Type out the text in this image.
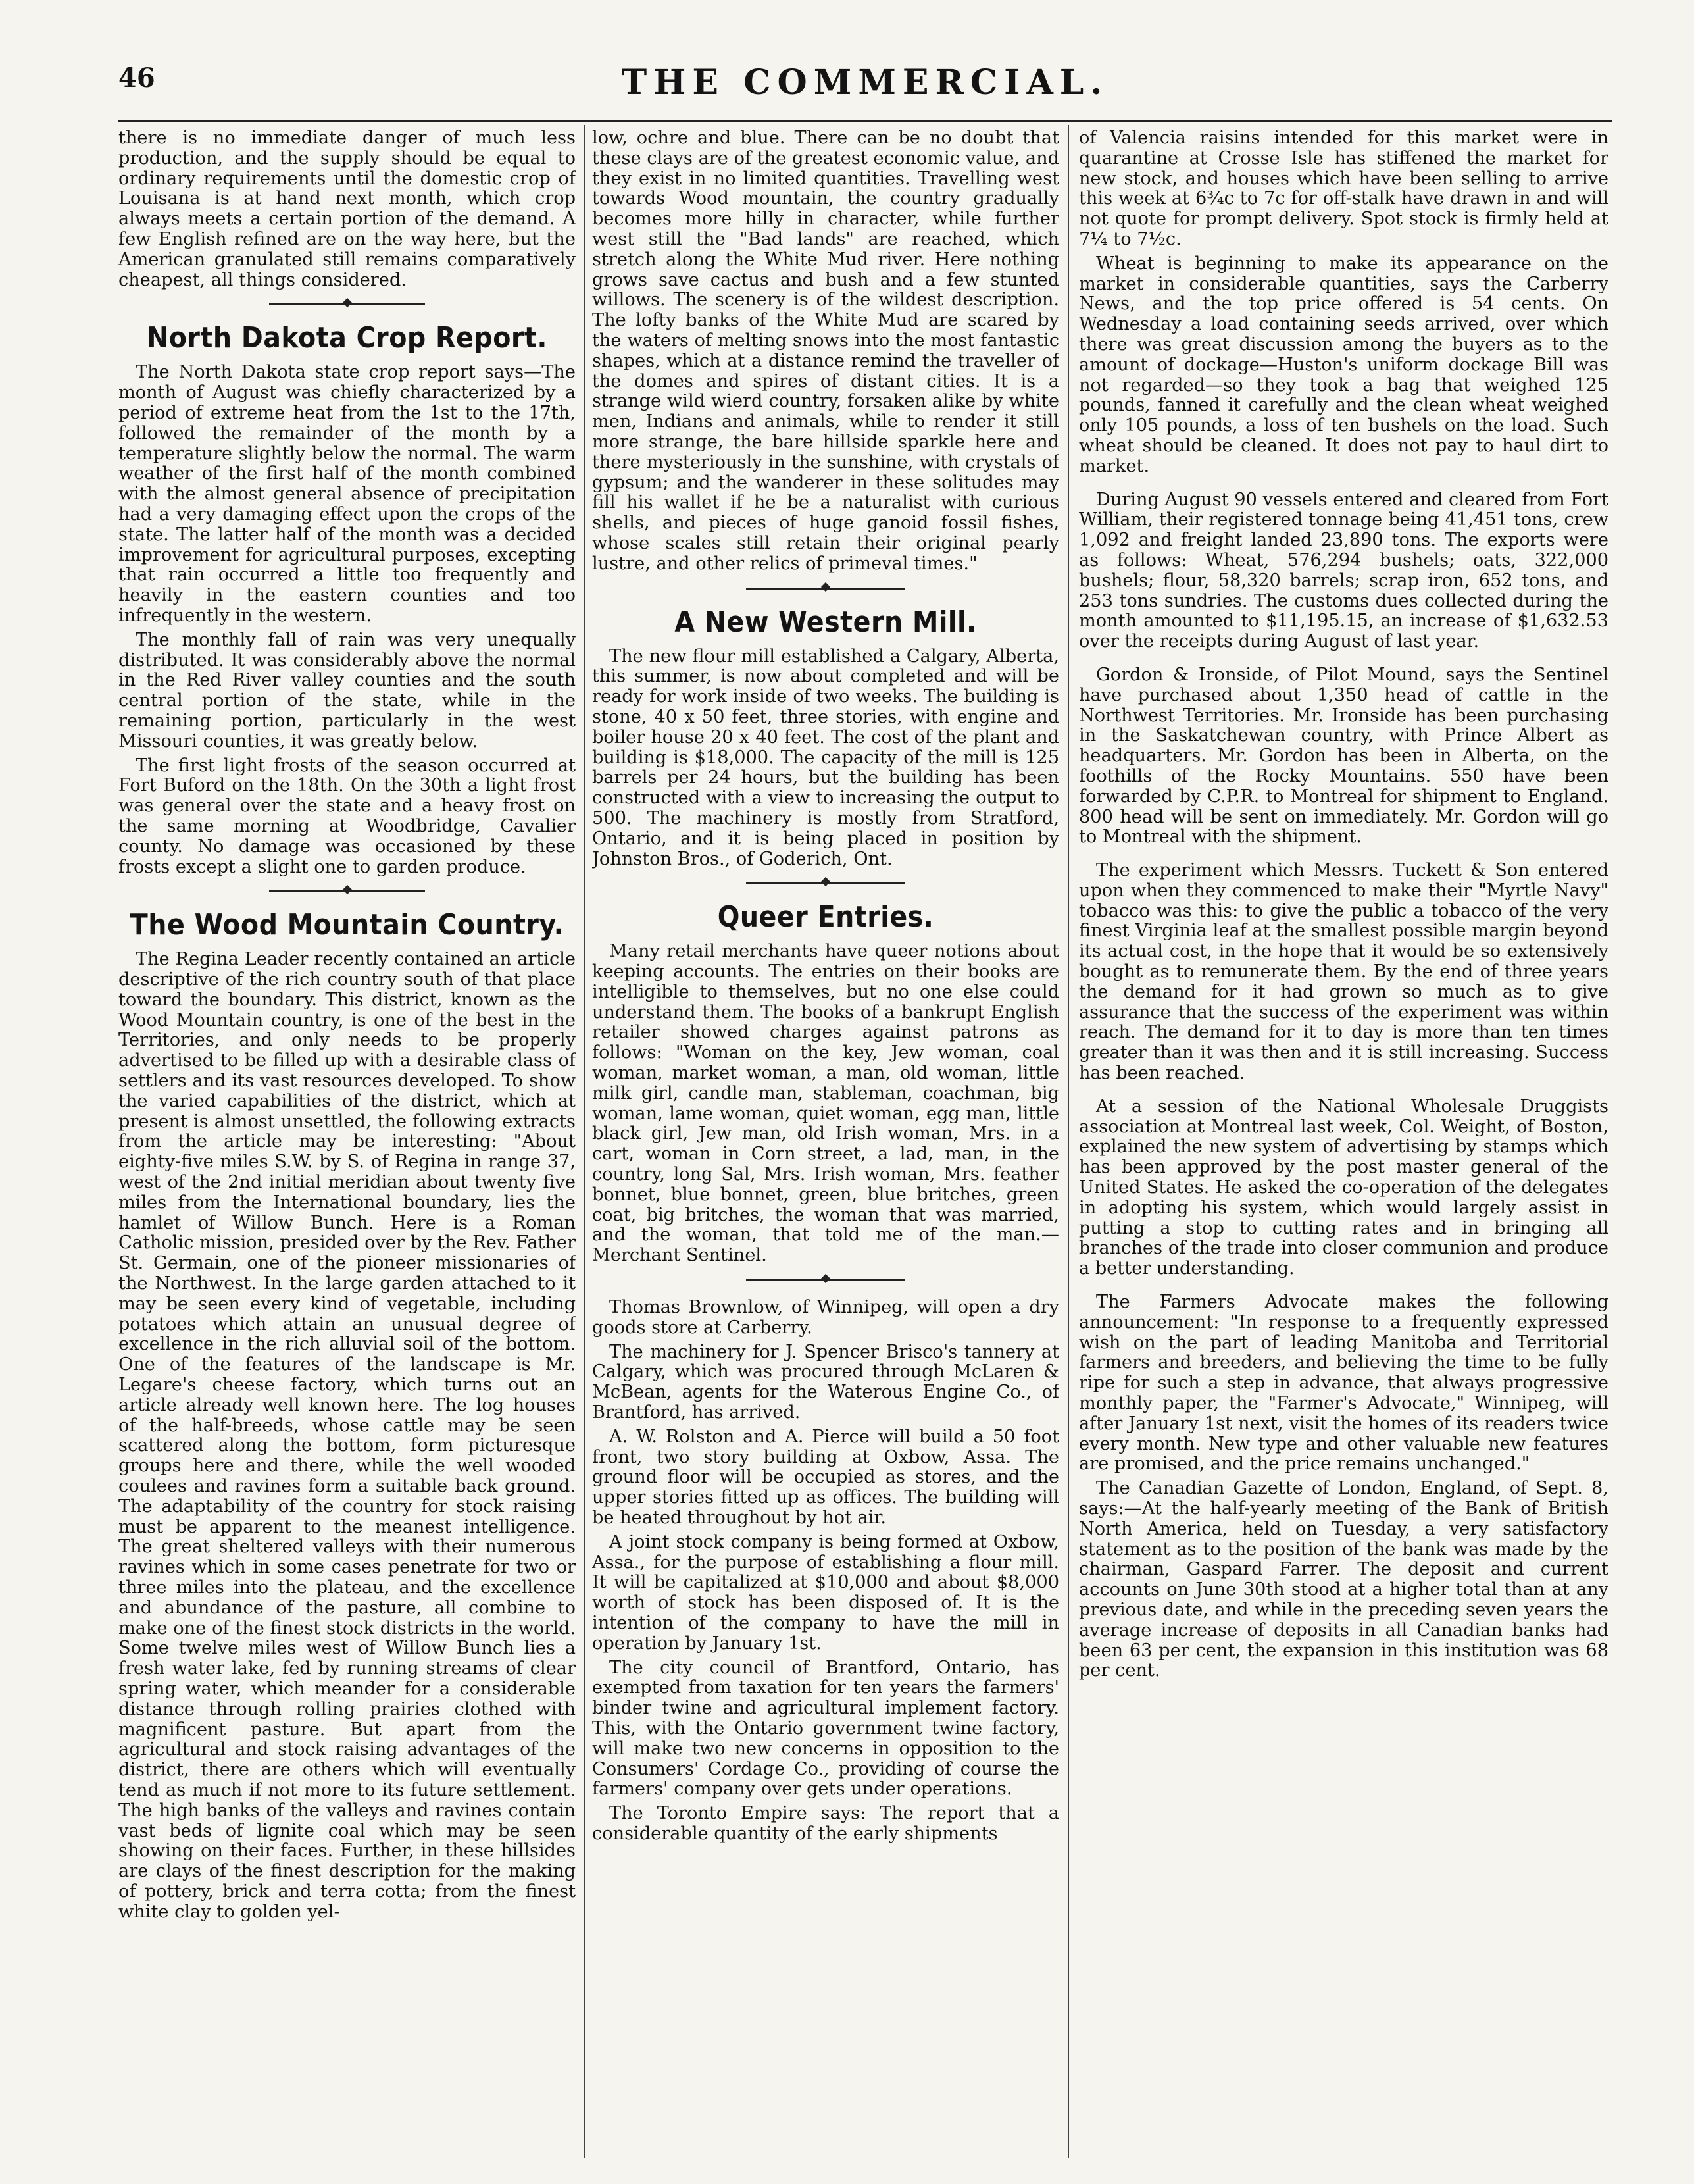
46	THE COMMERCIAL.

there is no immediate danger of much less production, and the supply should be equal to ordinary requirements until the domestic crop of Louisana is at hand next month, which crop always meets a certain portion of the demand. A few English refined are on the way here, but the American granulated still remains comparatively cheapest, all things considered.

North Dakota Crop Report.

The North Dakota state crop report says—The month of August was chiefly characterized by a period of extreme heat from the 1st to the 17th, followed the remainder of the month by a temperature slightly below the normal. The warm weather of the first half of the month combined with the almost general absence of precipitation had a very damaging effect upon the crops of the state. The latter half of the month was a decided improvement for agricultural purposes, excepting that rain occurred a little too frequently and heavily in the eastern counties and too infrequently in the western.

The monthly fall of rain was very unequally distributed. It was considerably above the normal in the Red River valley counties and the south central portion of the state, while in the remaining portion, particularly in the west Missouri counties, it was greatly below.

The first light frosts of the season occurred at Fort Buford on the 18th. On the 30th a light frost was general over the state and a heavy frost on the same morning at Woodbridge, Cavalier county. No damage was occasioned by these frosts except a slight one to garden produce.

The Wood Mountain Country.

The Regina Leader recently contained an article descriptive of the rich country south of that place toward the boundary. This district, known as the Wood Mountain country, is one of the best in the Territories, and only needs to be properly advertised to be filled up with a desirable class of settlers and its vast resources developed. To show the varied capabilities of the district, which at present is almost unsettled, the following extracts from the article may be interesting: "About eighty-five miles S.W. by S. of Regina in range 37, west of the 2nd initial meridian about twenty five miles from the International boundary, lies the hamlet of Willow Bunch. Here is a Roman Catholic mission, presided over by the Rev. Father St. Germain, one of the pioneer missionaries of the Northwest. In the large garden attached to it may be seen every kind of vegetable, including potatoes which attain an unusual degree of excellence in the rich alluvial soil of the bottom. One of the features of the landscape is Mr. Legare's cheese factory, which turns out an article already well known here. The log houses of the half-breeds, whose cattle may be seen scattered along the bottom, form picturesque groups here and there, while the well wooded coulees and ravines form a suitable back ground. The adaptability of the country for stock raising must be apparent to the meanest intelligence. The great sheltered valleys with their numerous ravines which in some cases penetrate for two or three miles into the plateau, and the excellence and abundance of the pasture, all combine to make one of the finest stock districts in the world. Some twelve miles west of Willow Bunch lies a fresh water lake, fed by running streams of clear spring water, which meander for a considerable distance through rolling prairies clothed with magnificent pasture. But apart from the agricultural and stock raising advantages of the district, there are others which will eventually tend as much if not more to its future settlement. The high banks of the valleys and ravines contain vast beds of lignite coal which may be seen showing on their faces. Further, in these hillsides are clays of the finest description for the making of pottery, brick and terra cotta; from the finest white clay to golden yel-

low, ochre and blue. There can be no doubt that these clays are of the greatest economic value, and they exist in no limited quantities. Travelling west towards Wood mountain, the country gradually becomes more hilly in character, while further west still the "Bad lands" are reached, which stretch along the White Mud river. Here nothing grows save cactus and bush and a few stunted willows. The scenery is of the wildest description. The lofty banks of the White Mud are scared by the waters of melting snows into the most fantastic shapes, which at a distance remind the traveller of the domes and spires of distant cities. It is a strange wild wierd country, forsaken alike by white men, Indians and animals, while to render it still more strange, the bare hillside sparkle here and there mysteriously in the sunshine, with crystals of gypsum; and the wanderer in these solitudes may fill his wallet if he be a naturalist with curious shells, and pieces of huge ganoid fossil fishes, whose scales still retain their original pearly lustre, and other relics of primeval times."

A New Western Mill.

The new flour mill established a Calgary, Alberta, this summer, is now about completed and will be ready for work inside of two weeks. The building is stone, 40 x 50 feet, three stories, with engine and boiler house 20 x 40 feet. The cost of the plant and building is $18,000. The capacity of the mill is 125 barrels per 24 hours, but the building has been constructed with a view to increasing the output to 500. The machinery is mostly from Stratford, Ontario, and it is being placed in position by Johnston Bros., of Goderich, Ont.

Queer Entries.

Many retail merchants have queer notions about keeping accounts. The entries on their books are intelligible to themselves, but no one else could understand them. The books of a bankrupt English retailer showed charges against patrons as follows: "Woman on the key, Jew woman, coal woman, market woman, a man, old woman, little milk girl, candle man, stableman, coachman, big woman, lame woman, quiet woman, egg man, little black girl, Jew man, old Irish woman, Mrs. in a cart, woman in Corn street, a lad, man, in the country, long Sal, Mrs. Irish woman, Mrs. feather bonnet, blue bonnet, green, blue britches, green coat, big britches, the woman that was married, and the woman, that told me of the man.—Merchant Sentinel.

Thomas Brownlow, of Winnipeg, will open a dry goods store at Carberry.

The machinery for J. Spencer Brisco's tannery at Calgary, which was procured through McLaren & McBean, agents for the Waterous Engine Co., of Brantford, has arrived.

A. W. Rolston and A. Pierce will build a 50 foot front, two story building at Oxbow, Assa. The ground floor will be occupied as stores, and the upper stories fitted up as offices. The building will be heated throughout by hot air.

A joint stock company is being formed at Oxbow, Assa., for the purpose of establishing a flour mill. It will be capitalized at $10,000 and about $8,000 worth of stock has been disposed of. It is the intention of the company to have the mill in operation by January 1st.

The city council of Brantford, Ontario, has exempted from taxation for ten years the farmers' binder twine and agricultural implement factory. This, with the Ontario government twine factory, will make two new concerns in opposition to the Consumers' Cordage Co., providing of course the farmers' company over gets under operations.

The Toronto Empire says: The report that a considerable quantity of the early shipments

of Valencia raisins intended for this market were in quarantine at Crosse Isle has stiffened the market for new stock, and houses which have been selling to arrive this week at 6¾c to 7c for off-stalk have drawn in and will not quote for prompt delivery. Spot stock is firmly held at 7¼ to 7½c.

Wheat is beginning to make its appearance on the market in considerable quantities, says the Carberry News, and the top price offered is 54 cents. On Wednesday a load containing seeds arrived, over which there was great discussion among the buyers as to the amount of dockage—Huston's uniform dockage Bill was not regarded—so they took a bag that weighed 125 pounds, fanned it carefully and the clean wheat weighed only 105 pounds, a loss of ten bushels on the load. Such wheat should be cleaned. It does not pay to haul dirt to market.

During August 90 vessels entered and cleared from Fort William, their registered tonnage being 41,451 tons, crew 1,092 and freight landed 23,890 tons. The exports were as follows: Wheat, 576,294 bushels; oats, 322,000 bushels; flour, 58,320 barrels; scrap iron, 652 tons, and 253 tons sundries. The customs dues collected during the month amounted to $11,195.15, an increase of $1,632.53 over the receipts during August of last year.

Gordon & Ironside, of Pilot Mound, says the Sentinel have purchased about 1,350 head of cattle in the Northwest Territories. Mr. Ironside has been purchasing in the Saskatchewan country, with Prince Albert as headquarters. Mr. Gordon has been in Alberta, on the foothills of the Rocky Mountains. 550 have been forwarded by C.P.R. to Montreal for shipment to England. 800 head will be sent on immediately. Mr. Gordon will go to Montreal with the shipment.

The experiment which Messrs. Tuckett & Son entered upon when they commenced to make their "Myrtle Navy" tobacco was this: to give the public a tobacco of the very finest Virginia leaf at the smallest possible margin beyond its actual cost, in the hope that it would be so extensively bought as to remunerate them. By the end of three years the demand for it had grown so much as to give assurance that the success of the experiment was within reach. The demand for it to day is more than ten times greater than it was then and it is still increasing. Success has been reached.

At a session of the National Wholesale Druggists association at Montreal last week, Col. Weight, of Boston, explained the new system of advertising by stamps which has been approved by the post master general of the United States. He asked the co-operation of the delegates in adopting his system, which would largely assist in putting a stop to cutting rates and in bringing all branches of the trade into closer communion and produce a better understanding.

The Farmers Advocate makes the following announcement: "In response to a frequently expressed wish on the part of leading Manitoba and Territorial farmers and breeders, and believing the time to be fully ripe for such a step in advance, that always progressive monthly paper, the "Farmer's Advocate," Winnipeg, will after January 1st next, visit the homes of its readers twice every month. New type and other valuable new features are promised, and the price remains unchanged."

The Canadian Gazette of London, England, of Sept. 8, says:—At the half-yearly meeting of the Bank of British North America, held on Tuesday, a very satisfactory statement as to the position of the bank was made by the chairman, Gaspard Farrer. The deposit and current accounts on June 30th stood at a higher total than at any previous date, and while in the preceding seven years the average increase of deposits in all Canadian banks had been 63 per cent, the expansion in this institution was 68 per cent.
